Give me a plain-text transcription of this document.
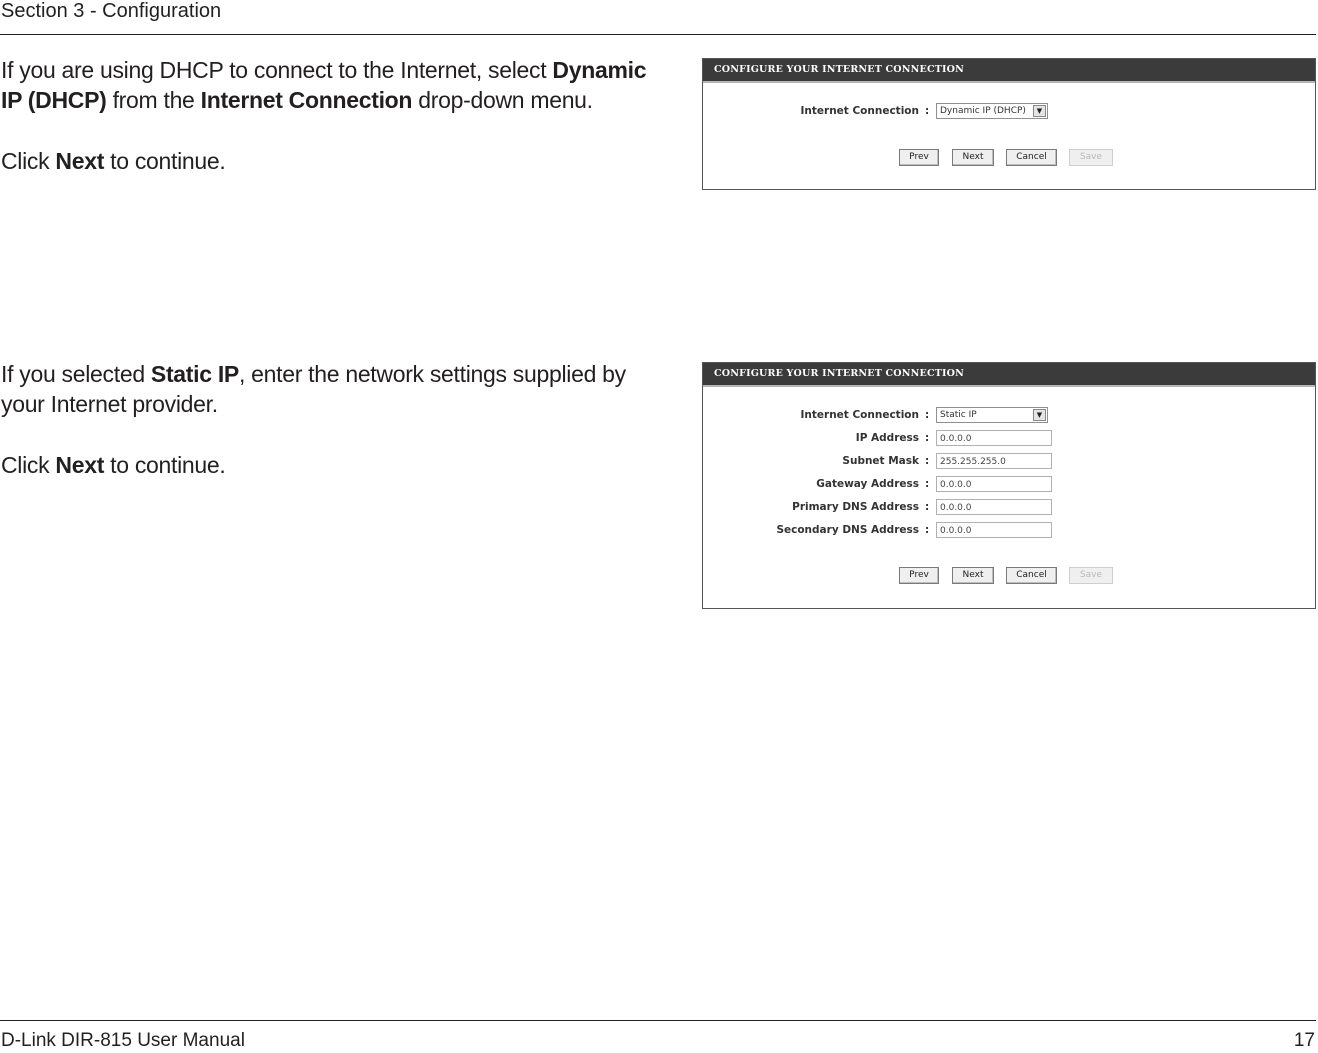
Section 3 - Configuration

If you are using DHCP to connect to the Internet, select Dynamic IP (DHCP) from the Internet Connection drop-down menu.

Click Next to continue.

CONFIGURE YOUR INTERNET CONNECTION
Internet Connection :	Dynamic IP (DHCP)	▼
Prev	Next	Cancel	Save

If you selected Static IP, enter the network settings supplied by your Internet provider.

Click Next to continue.

CONFIGURE YOUR INTERNET CONNECTION
Internet Connection :	Static IP	▼
IP Address :	0.0.0.0
Subnet Mask :	255.255.255.0
Gateway Address :	0.0.0.0
Primary DNS Address :	0.0.0.0
Secondary DNS Address :	0.0.0.0
Prev	Next	Cancel	Save
D-Link DIR-815 User Manual	17
